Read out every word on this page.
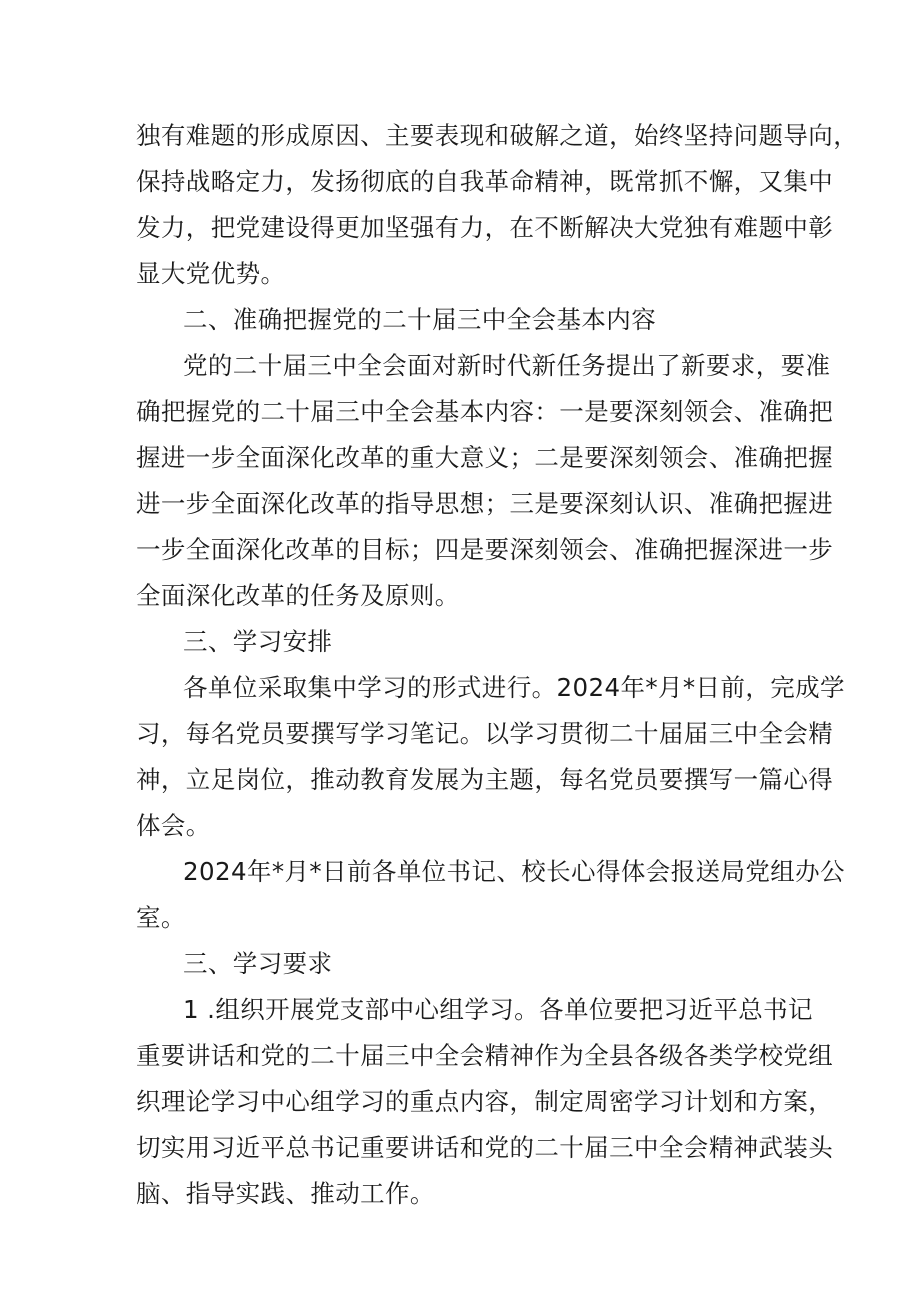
独有难题的形成原因、主要表现和破解之道，始终坚持问题导向，
保持战略定力，发扬彻底的自我革命精神，既常抓不懈，又集中
发力，把党建设得更加坚强有力，在不断解决大党独有难题中彰
显大党优势。
二、准确把握党的二十届三中全会基本内容
党的二十届三中全会面对新时代新任务提出了新要求，要准
确把握党的二十届三中全会基本内容：一是要深刻领会、准确把
握进一步全面深化改革的重大意义；二是要深刻领会、准确把握
进一步全面深化改革的指导思想；三是要深刻认识、准确把握进
一步全面深化改革的目标；四是要深刻领会、准确把握深进一步
全面深化改革的任务及原则。
三、学习安排
各单位采取集中学习的形式进行。2024年*月*日前，完成学
习，每名党员要撰写学习笔记。以学习贯彻二十届届三中全会精
神，立足岗位，推动教育发展为主题，每名党员要撰写一篇心得
体会。
2024年*月*日前各单位书记、校长心得体会报送局党组办公
室。
三、学习要求
1 .组织开展党支部中心组学习。各单位要把习近平总书记
重要讲话和党的二十届三中全会精神作为全县各级各类学校党组
织理论学习中心组学习的重点内容，制定周密学习计划和方案，
切实用习近平总书记重要讲话和党的二十届三中全会精神武装头
脑、指导实践、推动工作。
